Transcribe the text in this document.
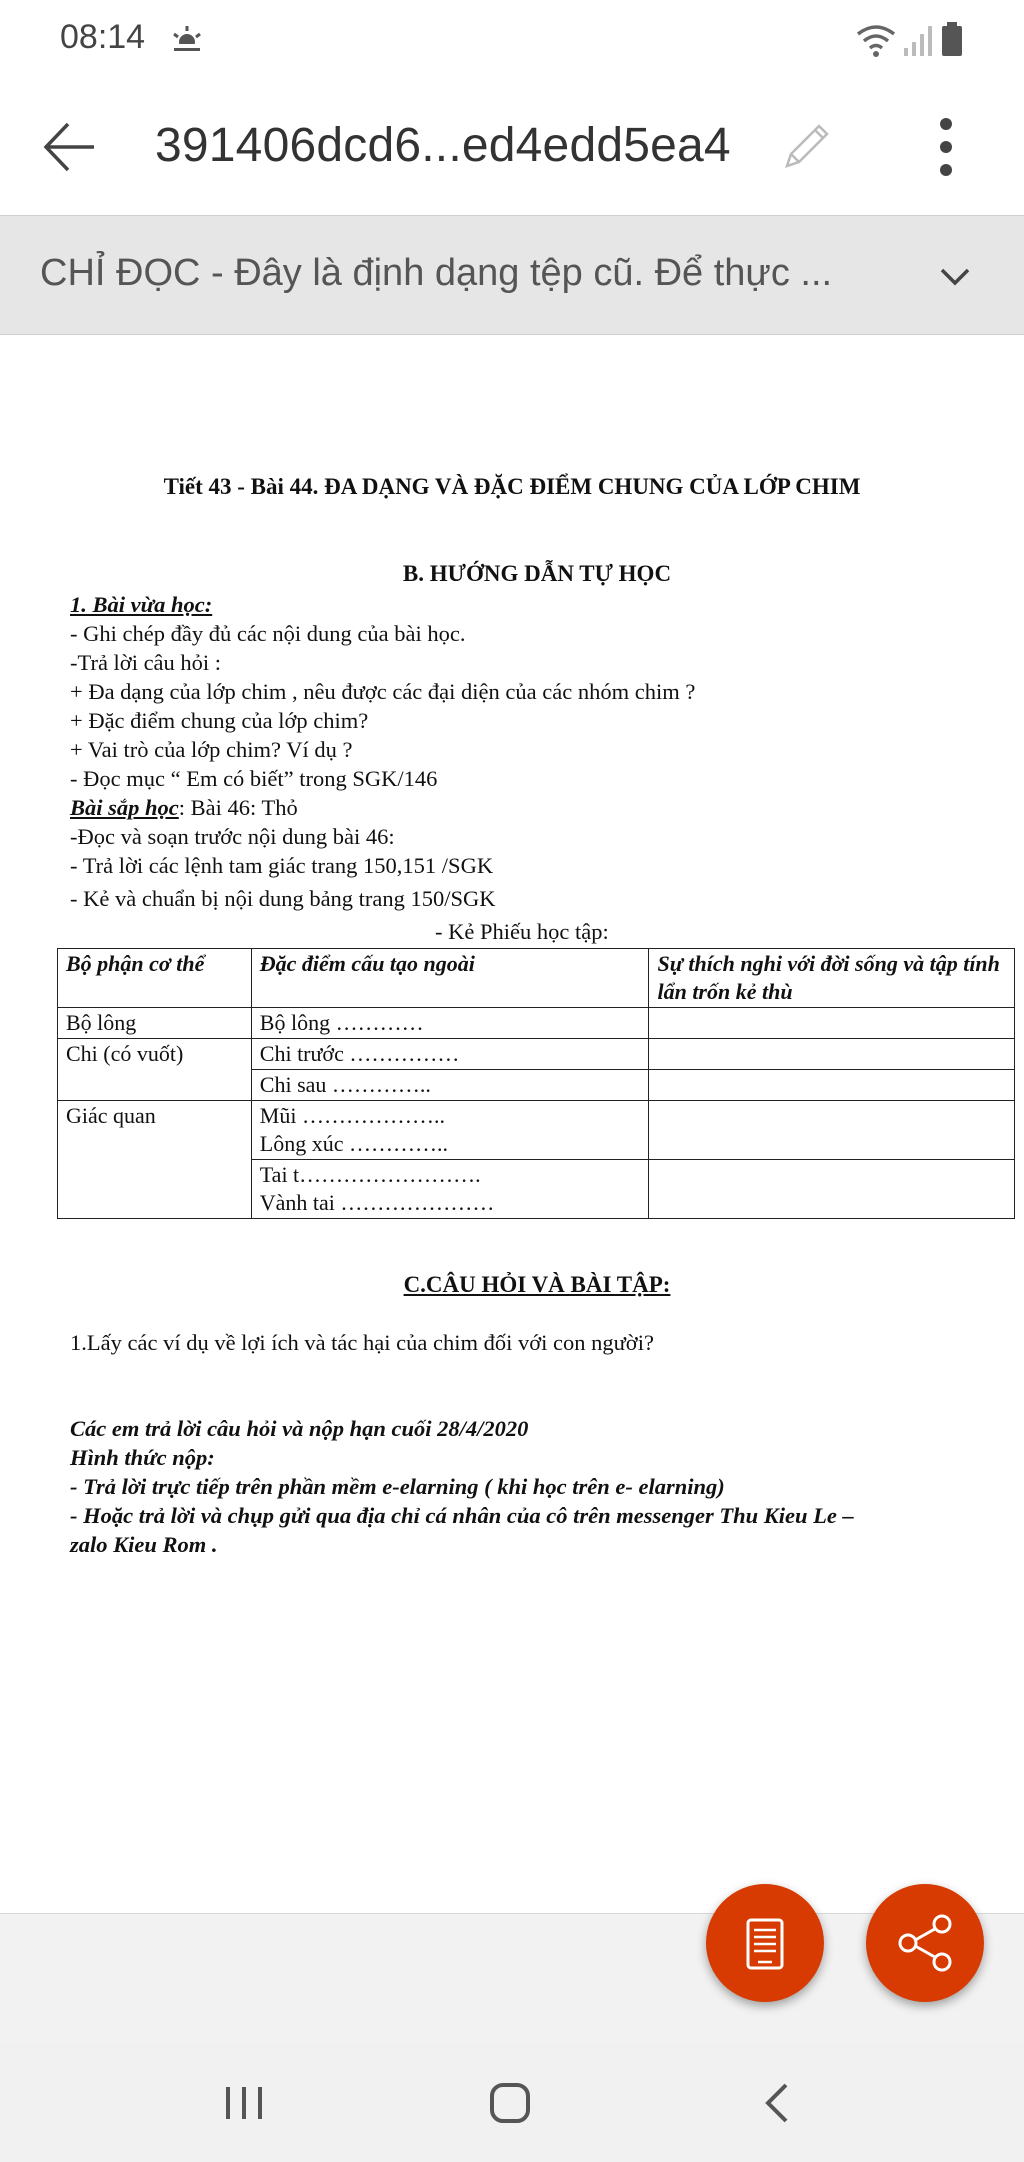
08:14
391406dcd6...ed4edd5ea4
CHỈ ĐỌC - Đây là định dạng tệp cũ. Để thực ...
Tiết 43 - Bài 44. ĐA DẠNG VÀ ĐẶC ĐIỂM CHUNG CỦA LỚP CHIM
B. HƯỚNG DẪN TỰ HỌC
1. Bài vừa học:
- Ghi chép đầy đủ các nội dung của bài học.
-Trả lời câu hỏi :
+ Đa dạng của lớp chim , nêu được các đại diện của các nhóm chim ?
+ Đặc điểm chung của lớp chim?
+ Vai trò của lớp chim? Ví dụ ?
- Đọc mục “ Em có biết” trong SGK/146
Bài sắp học: Bài 46: Thỏ
-Đọc và soạn trước nội dung bài 46:
- Trả lời các lệnh tam giác trang 150,151 /SGK
- Kẻ và chuẩn bị nội dung bảng trang 150/SGK
- Kẻ Phiếu học tập:
Bộ phận cơ thể	Đặc điểm cấu tạo ngoài	Sự thích nghi với đời sống và tập tính lẩn trốn kẻ thù
Bộ lông	Bộ lông …………	
Chi (có vuốt)	Chi trước ……………	
	Chi sau …………..	
Giác quan	Mũi ………………..
Lông xúc …………..	

	Tai t…………………….
Vành tai …………………	

C.CÂU HỎI VÀ BÀI TẬP:
1.Lấy các ví dụ về lợi ích và tác hại của chim đối với con người?
Các em trả lời câu hỏi và nộp hạn cuối 28/4/2020
Hình thức nộp:
- Trả lời trực tiếp trên phần mềm e-elarning ( khi học trên e- elarning)
- Hoặc trả lời và chụp gửi qua địa chỉ cá nhân của cô trên messenger Thu Kieu Le –
zalo Kieu Rom .
